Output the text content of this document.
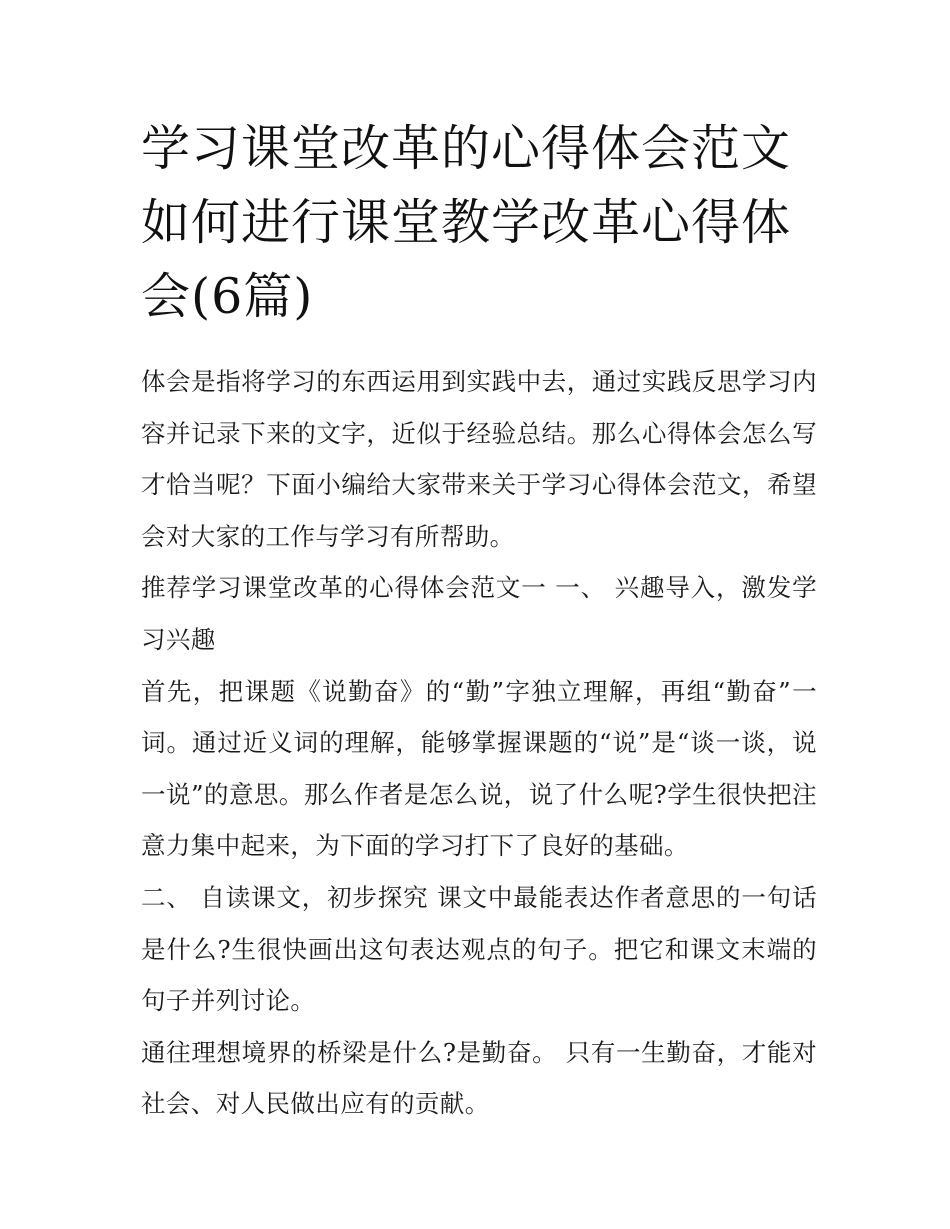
学习课堂改革的心得体会范文如何进行课堂教学改革心得体会(6篇)

体会是指将学习的东西运用到实践中去，通过实践反思学习内容并记录下来的文字，近似于经验总结。那么心得体会怎么写才恰当呢？下面小编给大家带来关于学习心得体会范文，希望会对大家的工作与学习有所帮助。

推荐学习课堂改革的心得体会范文一 一、 兴趣导入，激发学习兴趣

首先，把课题《说勤奋》的“勤”字独立理解，再组“勤奋”一词。通过近义词的理解，能够掌握课题的“说”是“谈一谈，说一说”的意思。那么作者是怎么说，说了什么呢?学生很快把注意力集中起来，为下面的学习打下了良好的基础。

二、 自读课文，初步探究 课文中最能表达作者意思的一句话是什么?生很快画出这句表达观点的句子。把它和课文末端的句子并列讨论。

通往理想境界的桥梁是什么?是勤奋。 只有一生勤奋，才能对社会、对人民做出应有的贡献。
